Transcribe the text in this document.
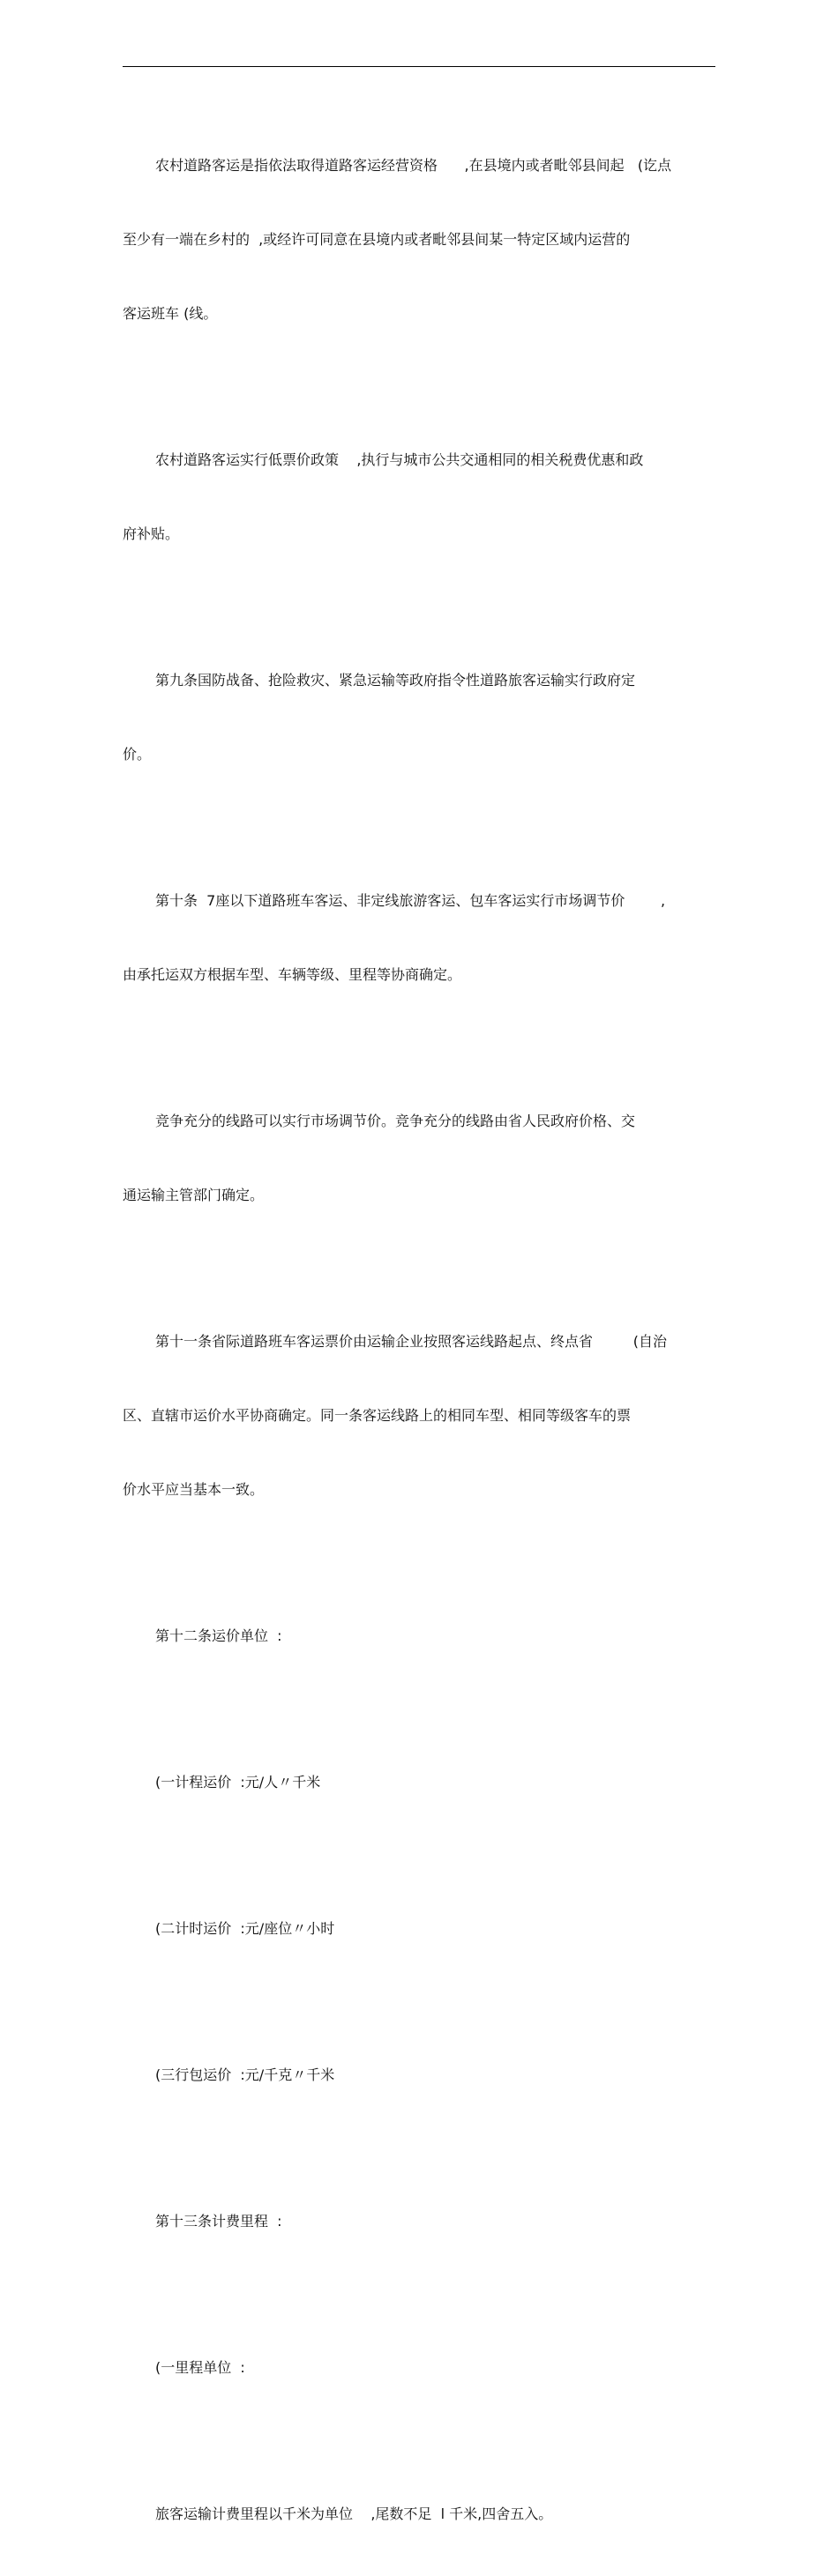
农村道路客运是指依法取得道路客运经营资格      ,在县境内或者毗邻县间起   (讫点

至少有一端在乡村的  ,或经许可同意在县境内或者毗邻县间某一特定区域内运营的

客运班车 (线。

农村道路客运实行低票价政策    ,执行与城市公共交通相同的相关税费优惠和政

府补贴。

第九条国防战备、抢险救灾、紧急运输等政府指令性道路旅客运输实行政府定

价。

第十条  7座以下道路班车客运、非定线旅游客运、包车客运实行市场调节价        ,

由承托运双方根据车型、车辆等级、里程等协商确定。

竞争充分的线路可以实行市场调节价。竞争充分的线路由省人民政府价格、交

通运输主管部门确定。

第十一条省际道路班车客运票价由运输企业按照客运线路起点、终点省         (自治

区、直辖市运价水平协商确定。同一条客运线路上的相同车型、相同等级客车的票

价水平应当基本一致。

第十二条运价单位  :

(一计程运价  :元/人〃千米

(二计时运价  :元/座位〃小时

(三行包运价  :元/千克〃千米

第十三条计费里程  :

(一里程单位  :

旅客运输计费里程以千米为单位    ,尾数不足  l 千米,四舍五入。
